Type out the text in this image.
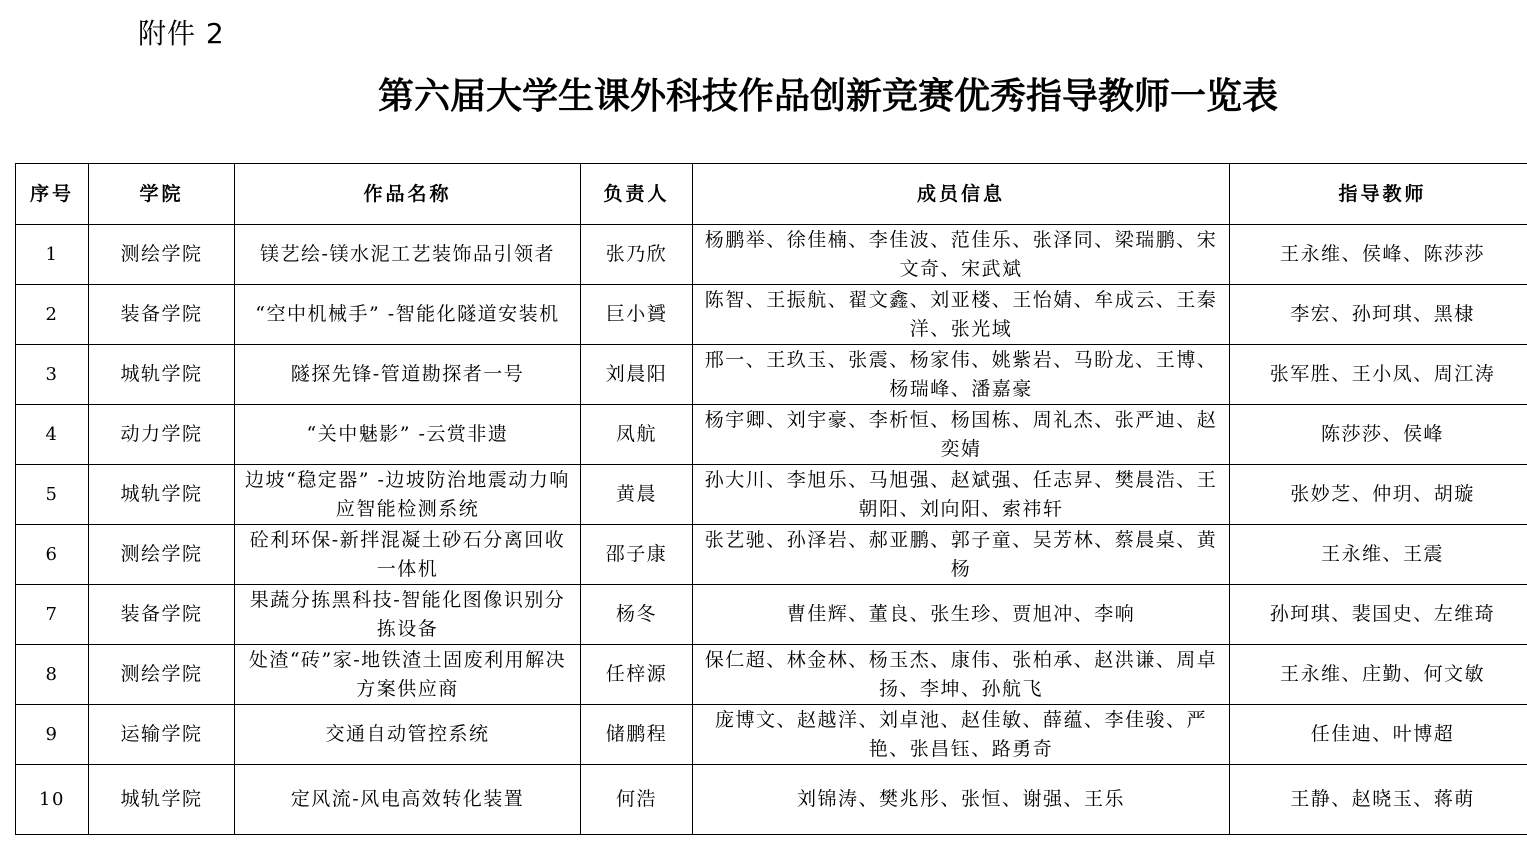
附件 2
第六届大学生课外科技作品创新竞赛优秀指导教师一览表
序号	学院	作品名称	负责人	成员信息	指导教师
1	测绘学院	镁艺绘-镁水泥工艺装饰品引领者	张乃欣	杨鹏举、徐佳楠、李佳波、范佳乐、张泽同、梁瑞鹏、宋文奇、宋武斌	王永维、侯峰、陈莎莎
2	装备学院	“空中机械手” -智能化隧道安装机	巨小贇	陈智、王振航、翟文鑫、刘亚楼、王怡婧、牟成云、王秦洋、张光域	李宏、孙珂琪、黑棣
3	城轨学院	隧探先锋-管道勘探者一号	刘晨阳	邢一、王玖玉、张震、杨家伟、姚紫岩、马盼龙、王博、杨瑞峰、潘嘉豪	张军胜、王小凤、周江涛
4	动力学院	“关中魅影” -云赏非遗	凤航	杨宇卿、刘宇豪、李析恒、杨国栋、周礼杰、张严迪、赵奕婧	陈莎莎、侯峰
5	城轨学院	边坡“稳定器” -边坡防治地震动力响应智能检测系统	黄晨	孙大川、李旭乐、马旭强、赵斌强、任志昇、樊晨浩、王朝阳、刘向阳、索祎轩	张妙芝、仲玥、胡璇
6	测绘学院	砼利环保-新拌混凝土砂石分离回收一体机	邵子康	张艺驰、孙泽岩、郝亚鹏、郭子童、吴芳林、蔡晨桌、黄杨	王永维、王震
7	装备学院	果蔬分拣黑科技-智能化图像识别分拣设备	杨冬	曹佳辉、董良、张生珍、贾旭冲、李响	孙珂琪、裴国史、左维琦
8	测绘学院	处渣“砖”家-地铁渣土固废利用解决方案供应商	任梓源	保仁超、林金林、杨玉杰、康伟、张柏承、赵洪谦、周卓扬、李坤、孙航飞	王永维、庄勤、何文敏
9	运输学院	交通自动管控系统	储鹏程	庞博文、赵越洋、刘卓池、赵佳敏、薛蕴、李佳骏、严艳、张昌钰、路勇奇	任佳迪、叶博超
10	城轨学院	定风流-风电高效转化装置	何浩	刘锦涛、樊兆彤、张恒、谢强、王乐	王静、赵晓玉、蒋萌
